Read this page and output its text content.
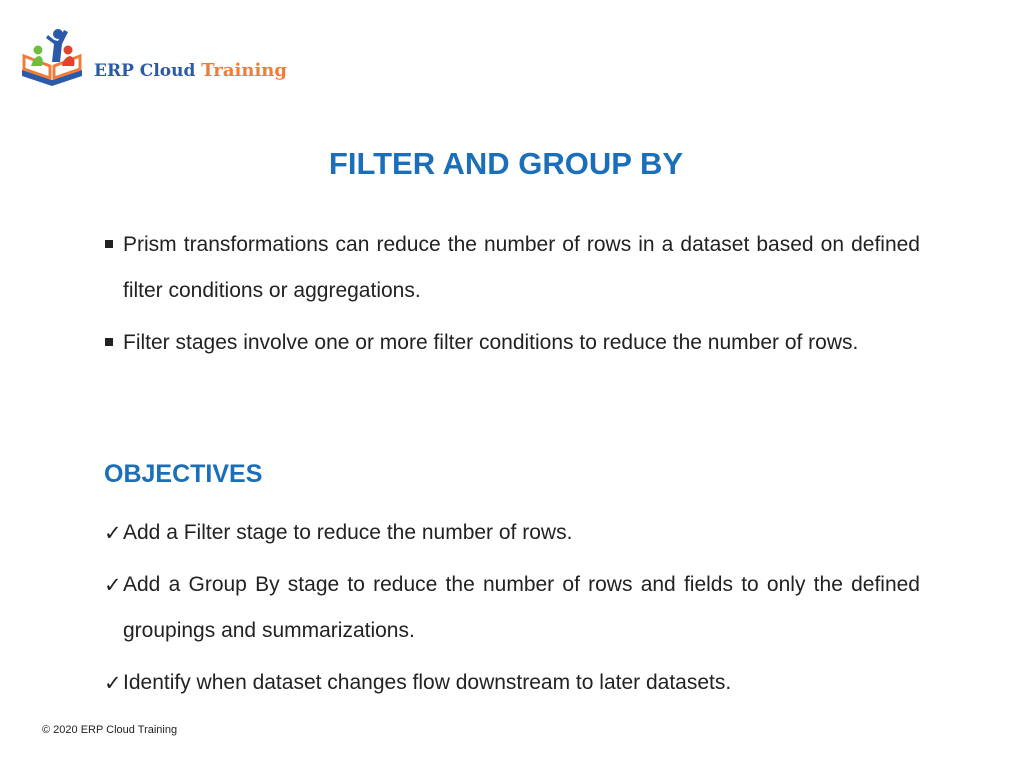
ERP Cloud Training
FILTER AND GROUP BY
Prism transformations can reduce the number of rows in a dataset based on defined filter conditions or aggregations.
Filter stages involve one or more filter conditions to reduce the number of rows.
OBJECTIVES
✓ Add a Filter stage to reduce the number of rows.
✓ Add a Group By stage to reduce the number of rows and fields to only the defined groupings and summarizations.
✓ Identify when dataset changes flow downstream to later datasets.
© 2020 ERP Cloud Training
